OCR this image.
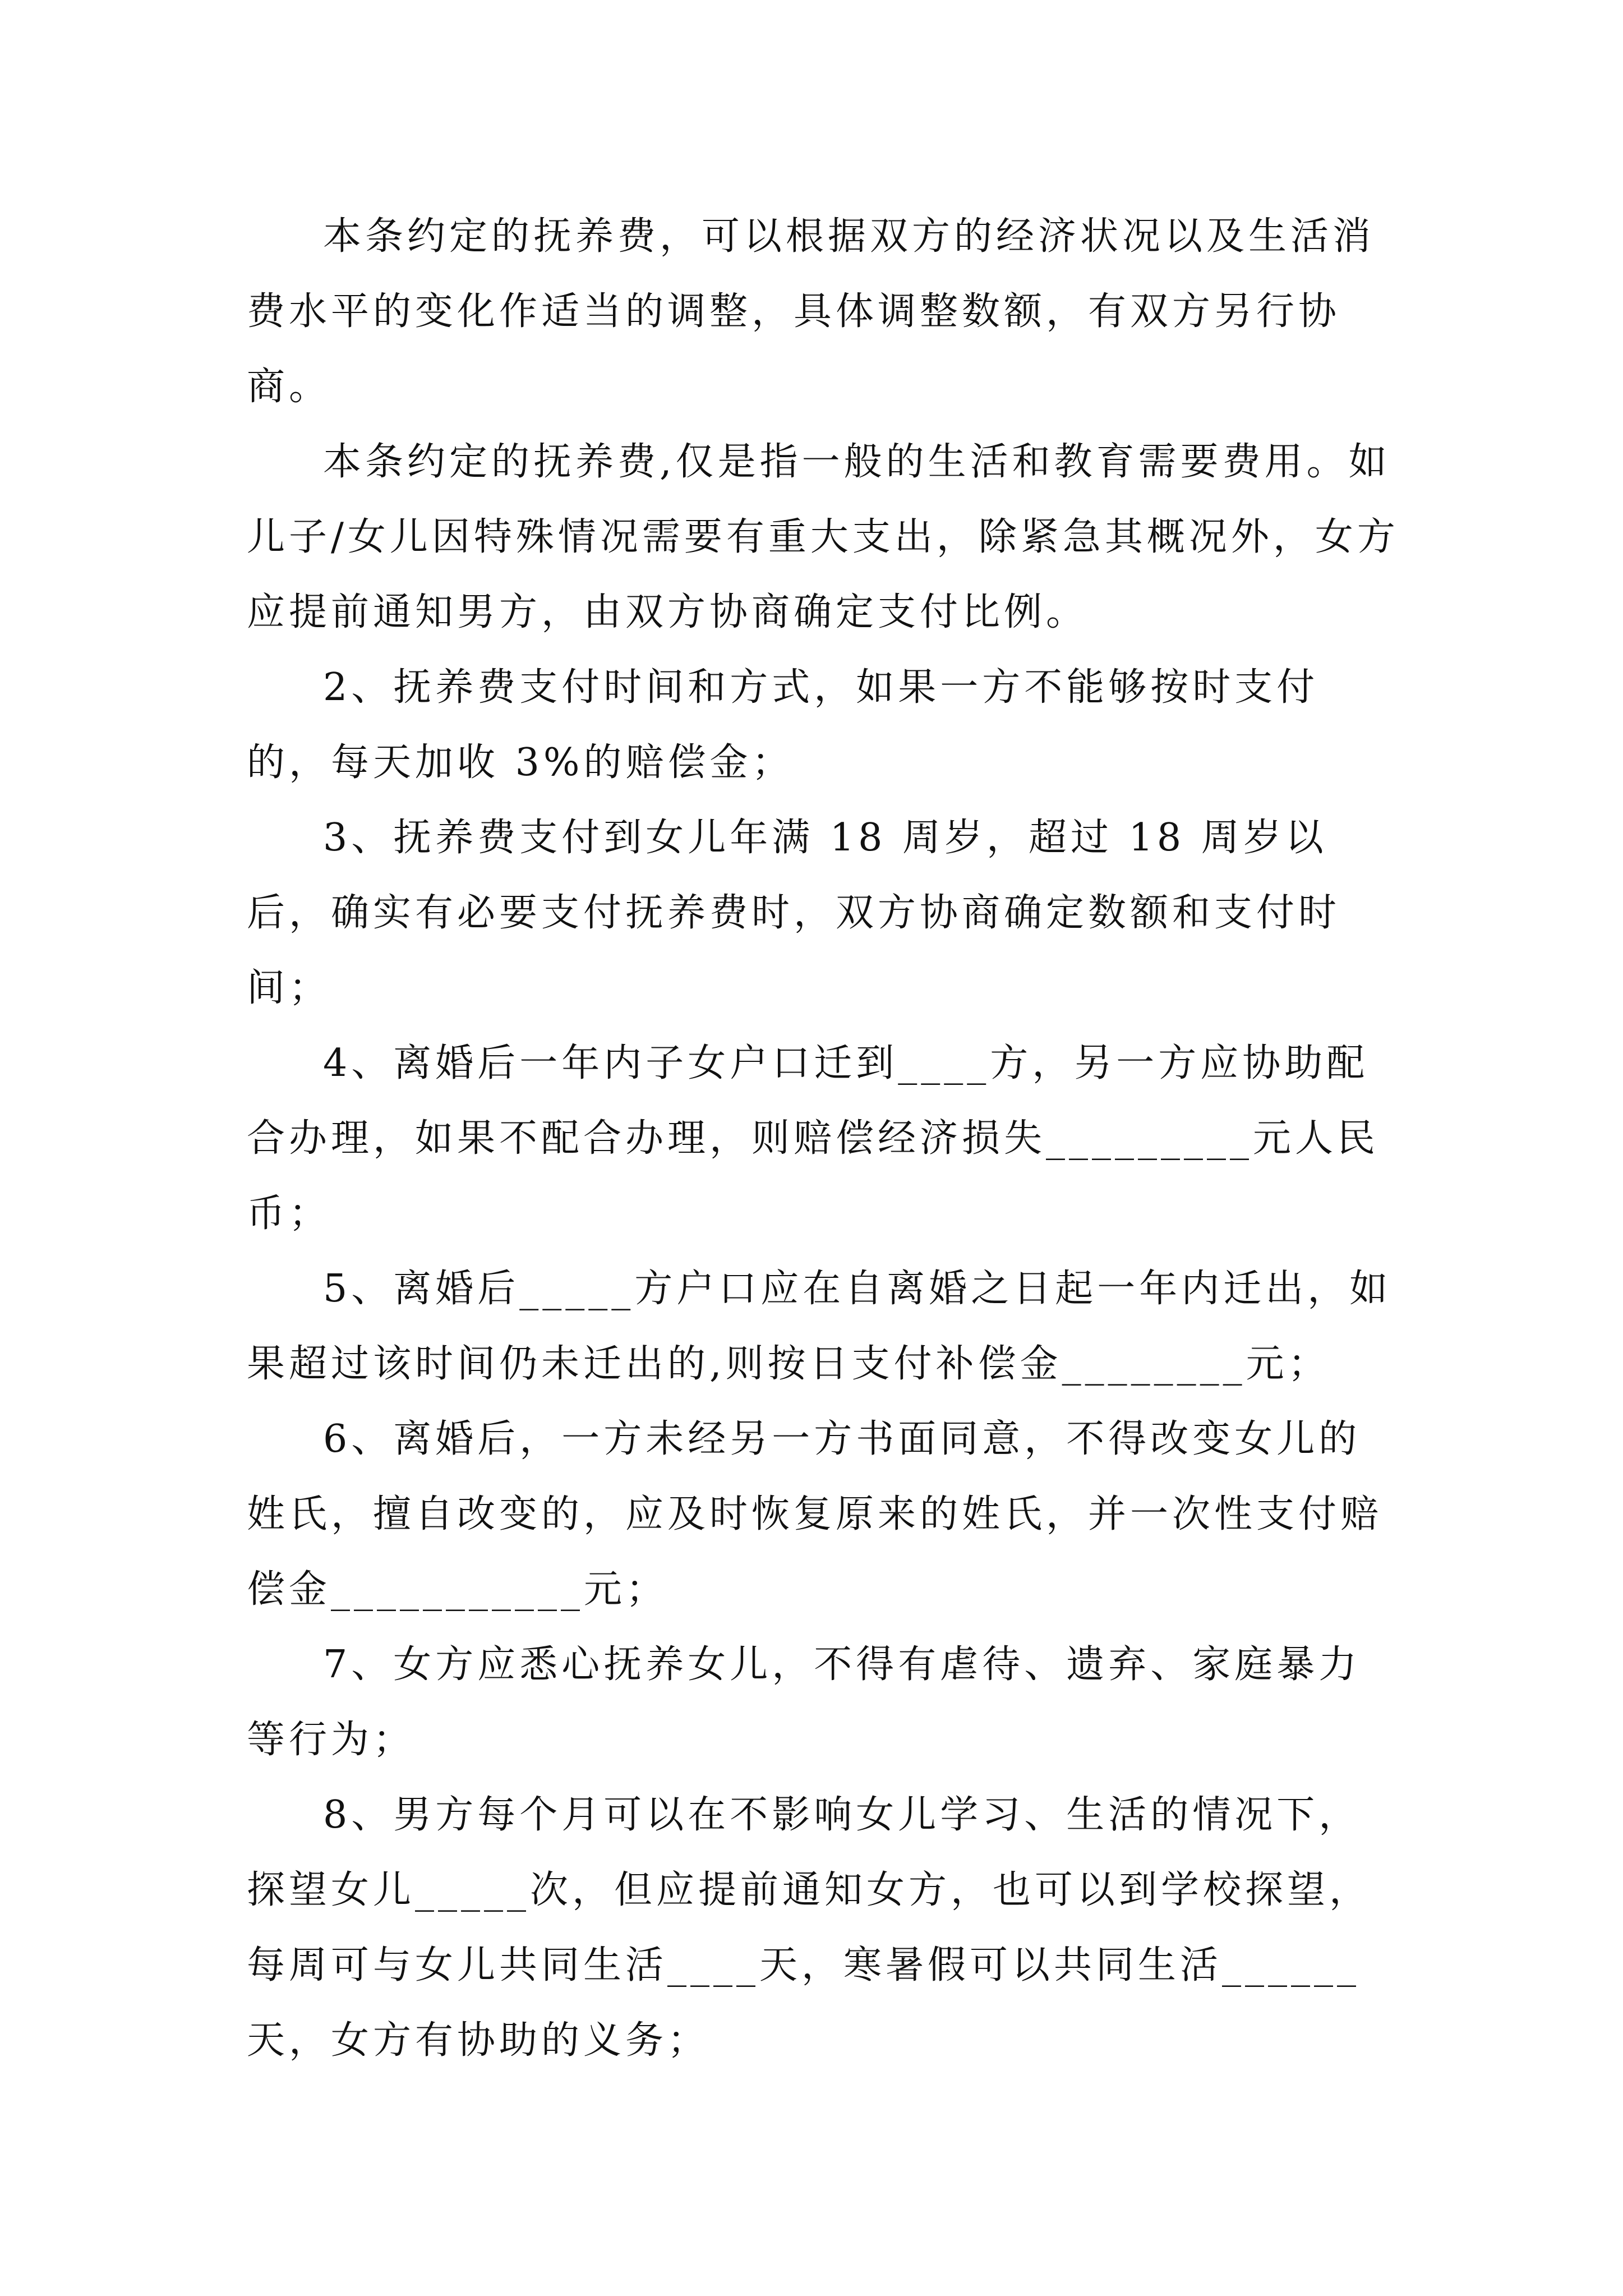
本条约定的抚养费，可以根据双方的经济状况以及生活消费水平的变化作适当的调整，具体调整数额，有双方另行协商。

本条约定的抚养费,仅是指一般的生活和教育需要费用。如儿子/女儿因特殊情况需要有重大支出，除紧急其概况外，女方应提前通知男方，由双方协商确定支付比例。

2、抚养费支付时间和方式，如果一方不能够按时支付的，每天加收 3%的赔偿金；

3、抚养费支付到女儿年满 18 周岁，超过 18 周岁以后，确实有必要支付抚养费时，双方协商确定数额和支付时间；

4、离婚后一年内子女户口迁到____方，另一方应协助配合办理，如果不配合办理，则赔偿经济损失_________元人民币；

5、离婚后_____方户口应在自离婚之日起一年内迁出，如果超过该时间仍未迁出的,则按日支付补偿金________元；

6、离婚后，一方未经另一方书面同意，不得改变女儿的姓氏，擅自改变的，应及时恢复原来的姓氏，并一次性支付赔偿金___________元；

7、女方应悉心抚养女儿，不得有虐待、遗弃、家庭暴力等行为；

8、男方每个月可以在不影响女儿学习、生活的情况下，探望女儿_____次，但应提前通知女方，也可以到学校探望，每周可与女儿共同生活____天，寒暑假可以共同生活______天，女方有协助的义务；
